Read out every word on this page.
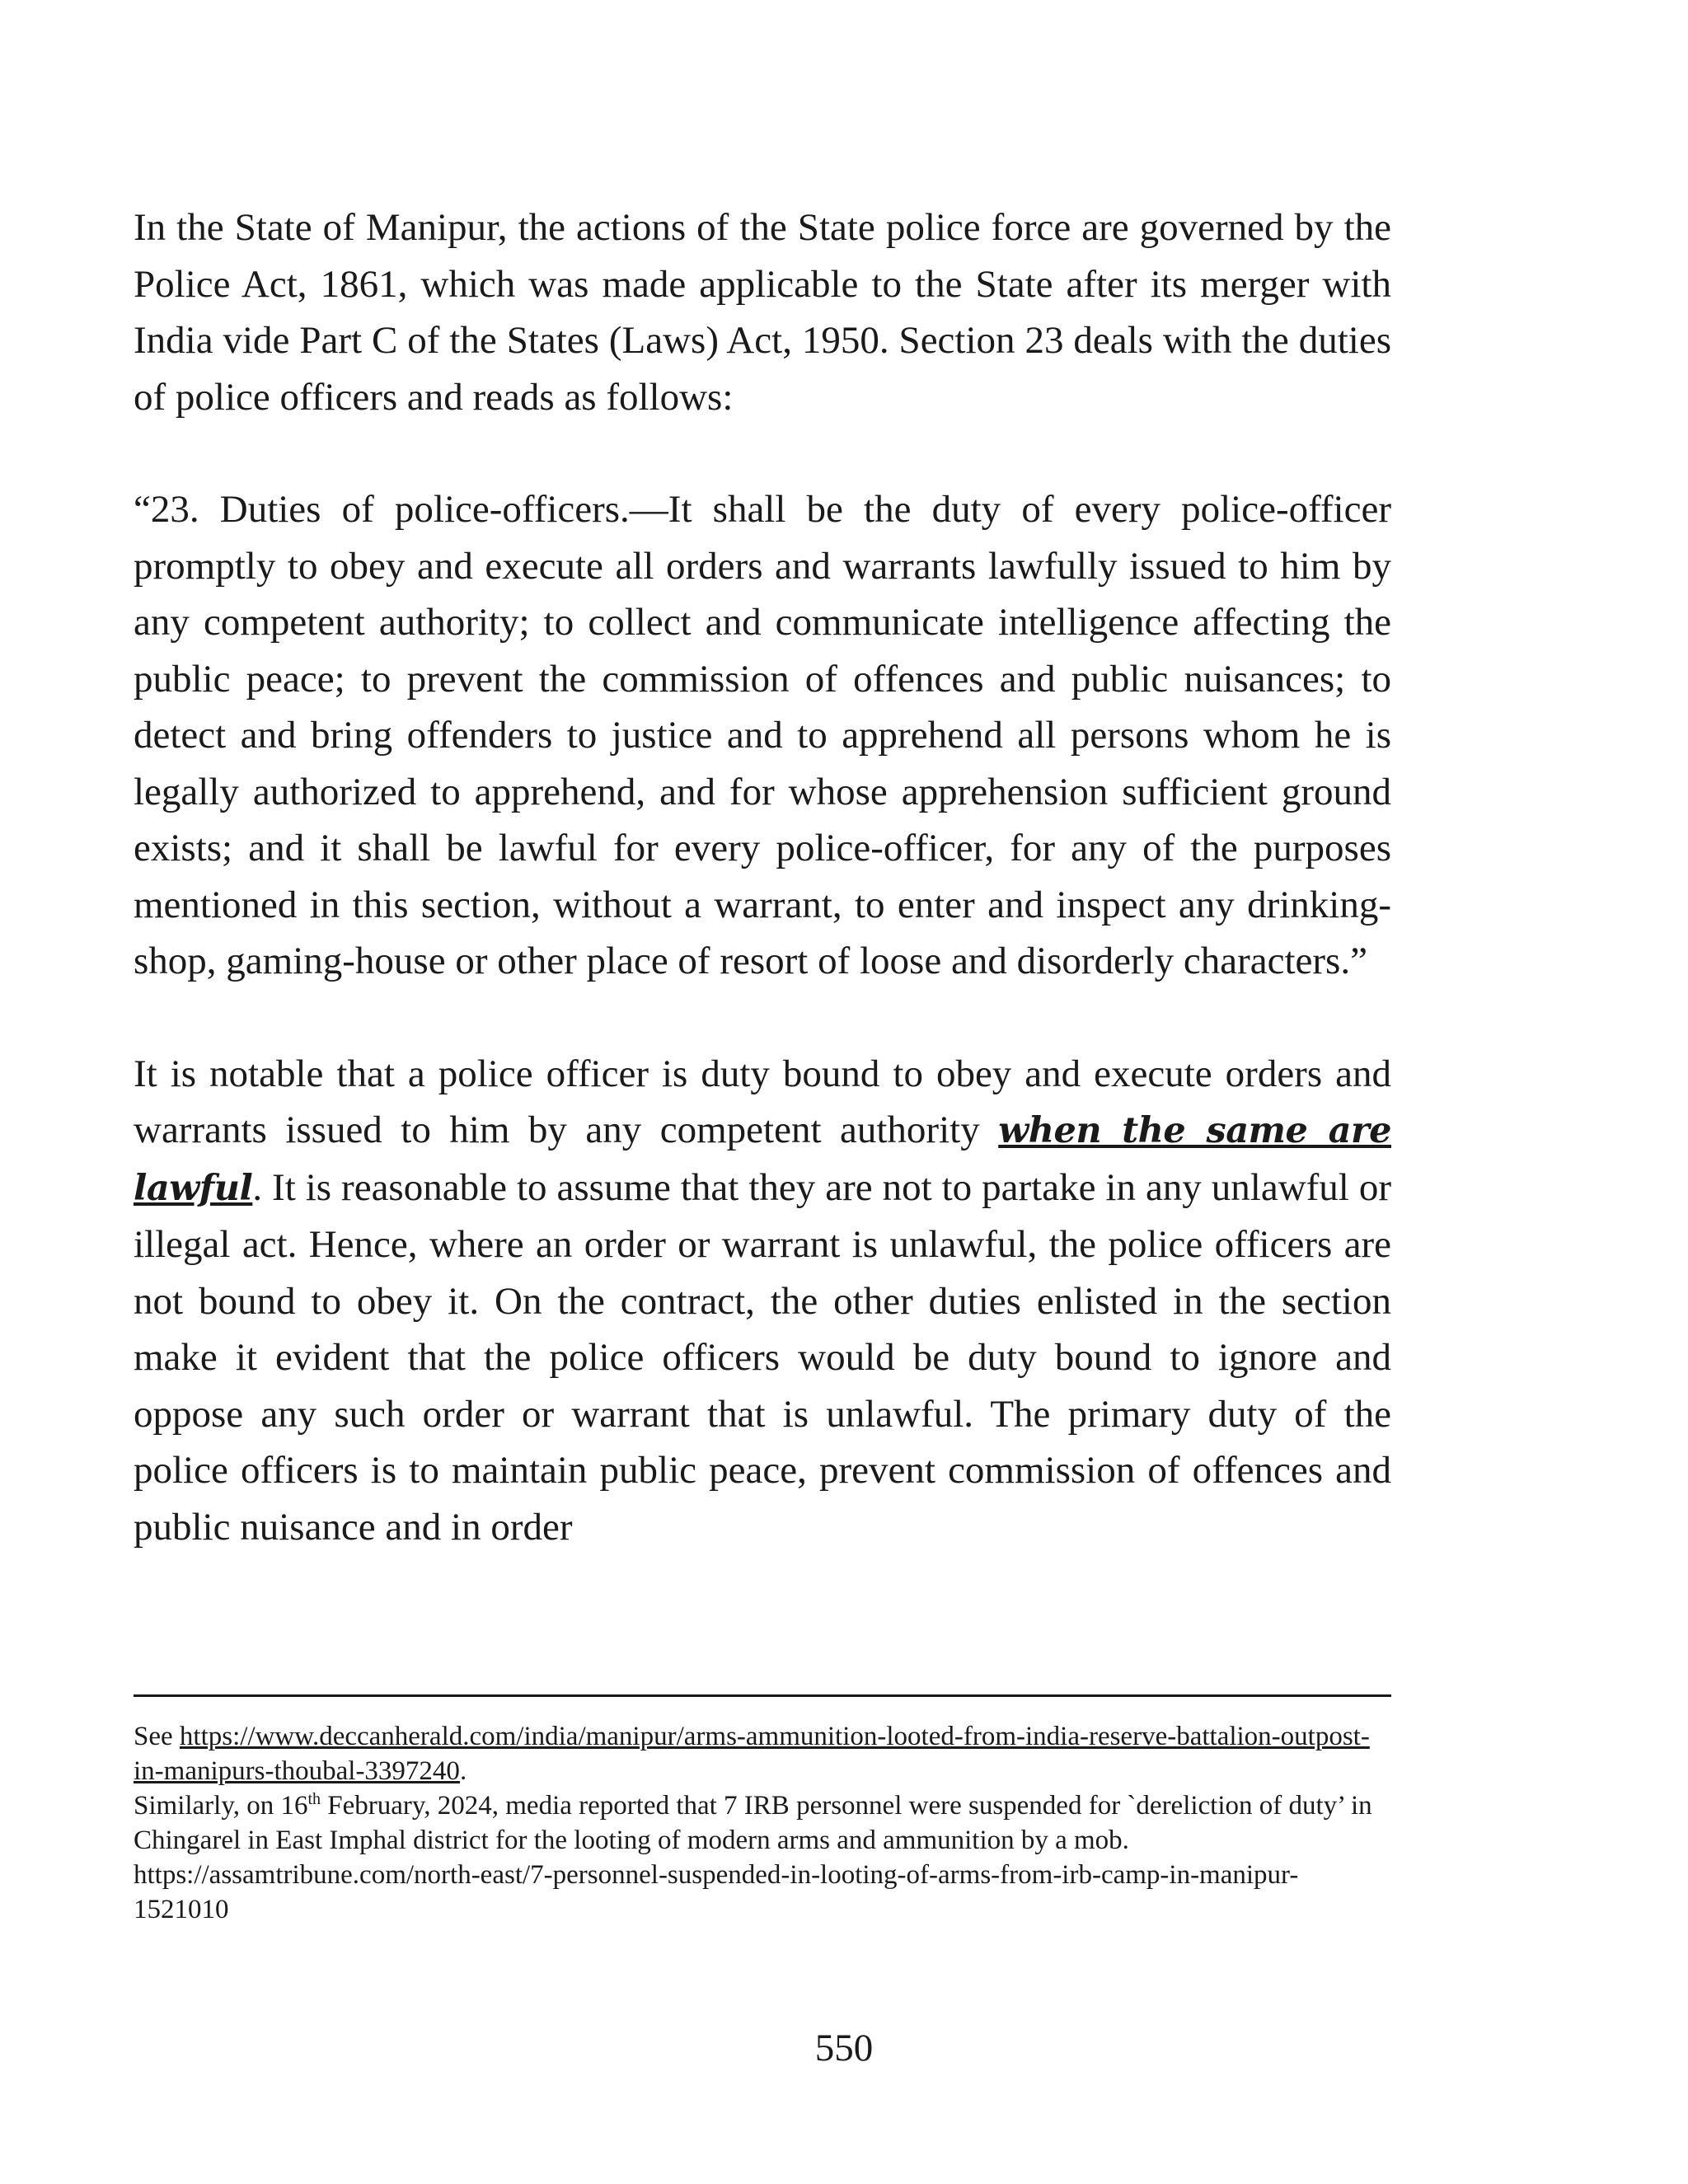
In the State of Manipur, the actions of the State police force are governed by the Police Act, 1861, which was made applicable to the State after its merger with India vide Part C of the States (Laws) Act, 1950. Section 23 deals with the duties of police officers and reads as follows:

“23. Duties of police-officers.—It shall be the duty of every police-officer promptly to obey and execute all orders and warrants lawfully issued to him by any competent authority; to collect and communicate intelligence affecting the public peace; to prevent the commission of offences and public nuisances; to detect and bring offenders to justice and to apprehend all persons whom he is legally authorized to apprehend, and for whose apprehension sufficient ground exists; and it shall be lawful for every police-officer, for any of the purposes mentioned in this section, without a warrant, to enter and inspect any drinking-shop, gaming-house or other place of resort of loose and disorderly characters.”

It is notable that a police officer is duty bound to obey and execute orders and warrants issued to him by any competent authority when the same are lawful. It is reasonable to assume that they are not to partake in any unlawful or illegal act. Hence, where an order or warrant is unlawful, the police officers are not bound to obey it. On the contract, the other duties enlisted in the section make it evident that the police officers would be duty bound to ignore and oppose any such order or warrant that is unlawful. The primary duty of the police officers is to maintain public peace, prevent commission of offences and public nuisance and in order

See https://www.deccanherald.com/india/manipur/arms-ammunition-looted-from-india-reserve-battalion-outpost-in-manipurs-thoubal-3397240.

Similarly, on 16th February, 2024, media reported that 7 IRB personnel were suspended for `dereliction of duty’ in Chingarel in East Imphal district for the looting of modern arms and ammunition by a mob. https://assamtribune.com/north-east/7-personnel-suspended-in-looting-of-arms-from-irb-camp-in-manipur-1521010

550
